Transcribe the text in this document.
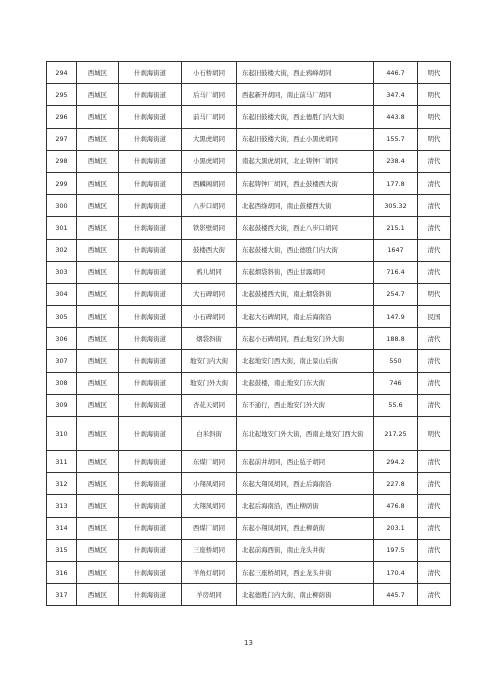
294	西城区	什刹海街道	小石桥胡同	东起旧鼓楼大街，西止鸦峰胡同	446.7	明代
295	西城区	什刹海街道	后马厂胡同	西起新开胡同，南止前马厂胡同	347.4	明代
296	西城区	什刹海街道	前马厂胡同	东起旧鼓楼大街，西止德胜门内大街	443.8	明代
297	西城区	什刹海街道	大黑虎胡同	东起旧鼓楼大街，西止小黑虎胡同	155.7	明代
298	西城区	什刹海街道	小黑虎胡同	南起大黑虎胡同，北止铸钟厂胡同	238.4	清代
299	西城区	什刹海街道	西麟阁胡同	东起铸钟厂胡同，西止鼓楼西大街	177.8	清代
300	西城区	什刹海街道	八步口胡同	北起西绦胡同，南止鼓楼西大街	305.32	清代
301	西城区	什刹海街道	铁影壁胡同	东起鼓楼西大街，西止八步口胡同	215.1	清代
302	西城区	什刹海街道	鼓楼西大街	东起鼓楼大街，西止德胜门内大街	1647	清代
303	西城区	什刹海街道	鸦儿胡同	东起烟袋斜街，西止甘露胡同	716.4	清代
304	西城区	什刹海街道	大石碑胡同	北起鼓楼西大街，南止烟袋斜街	254.7	明代
305	西城区	什刹海街道	小石碑胡同	北起大石碑胡同，南止后海南沿	147.9	民国
306	西城区	什刹海街道	烟袋斜街	东起小石碑胡同，西止地安门外大街	188.8	清代
307	西城区	什刹海街道	地安门内大街	北起地安门西大街，南止景山后街	550	清代
308	西城区	什刹海街道	地安门外大街	北起鼓楼，南止地安门东大街	746	清代
309	西城区	什刹海街道	杏花天胡同	东不通行，西止地安门外大街	55.6	清代
310	西城区	什刹海街道	白米斜街	东北起地安门外大街，西南止地安门西大街	217.25	明代
311	西城区	什刹海街道	东煤厂胡同	东起前井胡同，西止毡子胡同	294.2	清代
312	西城区	什刹海街道	小翔凤胡同	东起大翔凤胡同，西止后海南沿	227.8	清代
313	西城区	什刹海街道	大翔凤胡同	北起后海南沿，西止柳荫街	476.8	清代
314	西城区	什刹海街道	西煤厂胡同	东起小翔凤胡同，西止柳荫街	203.1	清代
315	西城区	什刹海街道	三座桥胡同	北起前海西街，南止龙头井街	197.5	清代
316	西城区	什刹海街道	羊角灯胡同	东起三座桥胡同，西止龙头井街	170.4	清代
317	西城区	什刹海街道	羊房胡同	北起德胜门内大街，南止柳荫街	445.7	清代
13
